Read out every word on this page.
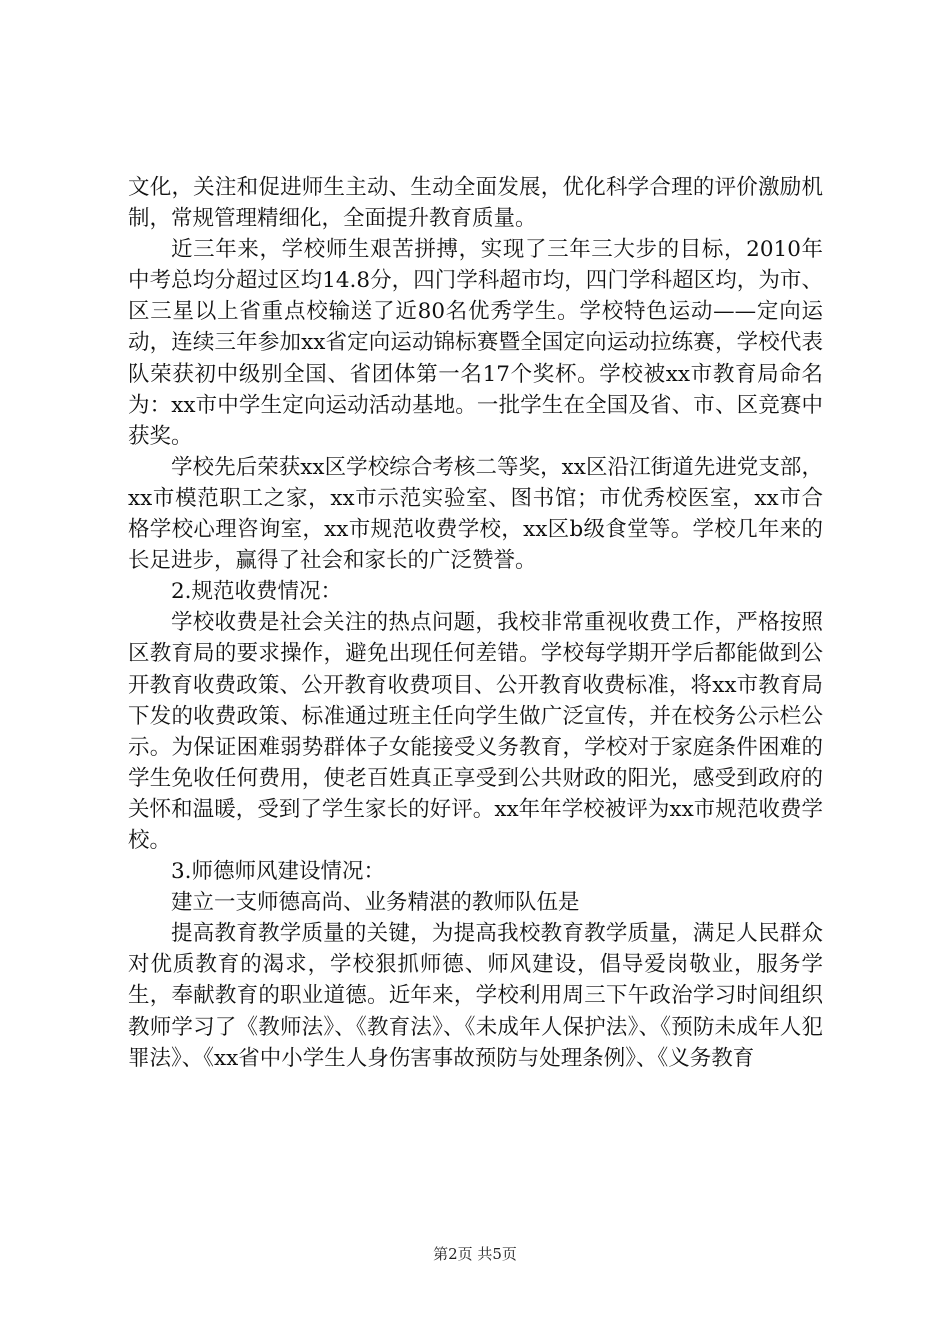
文化，关注和促进师生主动、生动全面发展，优化科学合理的评价激励机制，常规管理精细化，全面提升教育质量。

近三年来，学校师生艰苦拼搏，实现了三年三大步的目标，2010年中考总均分超过区均14.8分，四门学科超市均，四门学科超区均，为市、区三星以上省重点校输送了近80名优秀学生。学校特色运动——定向运动，连续三年参加xx省定向运动锦标赛暨全国定向运动拉练赛，学校代表队荣获初中级别全国、省团体第一名17个奖杯。学校被xx市教育局命名为：xx市中学生定向运动活动基地。一批学生在全国及省、市、区竞赛中获奖。

学校先后荣获xx区学校综合考核二等奖，xx区沿江街道先进党支部，xx市模范职工之家，xx市示范实验室、图书馆；市优秀校医室，xx市合格学校心理咨询室，xx市规范收费学校，xx区b级食堂等。学校几年来的长足进步，赢得了社会和家长的广泛赞誉。

2.规范收费情况：

学校收费是社会关注的热点问题，我校非常重视收费工作，严格按照区教育局的要求操作，避免出现任何差错。学校每学期开学后都能做到公开教育收费政策、公开教育收费项目、公开教育收费标准，将xx市教育局下发的收费政策、标准通过班主任向学生做广泛宣传，并在校务公示栏公示。为保证困难弱势群体子女能接受义务教育，学校对于家庭条件困难的学生免收任何费用，使老百姓真正享受到公共财政的阳光，感受到政府的关怀和温暖，受到了学生家长的好评。xx年年学校被评为xx市规范收费学校。

3.师德师风建设情况：

建立一支师德高尚、业务精湛的教师队伍是

提高教育教学质量的关键，为提高我校教育教学质量，满足人民群众对优质教育的渴求，学校狠抓师德、师风建设，倡导爱岗敬业，服务学生，奉献教育的职业道德。近年来，学校利用周三下午政治学习时间组织教师学习了《教师法》、《教育法》、《未成年人保护法》、《预防未成年人犯罪法》、《xx省中小学生人身伤害事故预防与处理条例》、《义务教育

第2页 共5页
